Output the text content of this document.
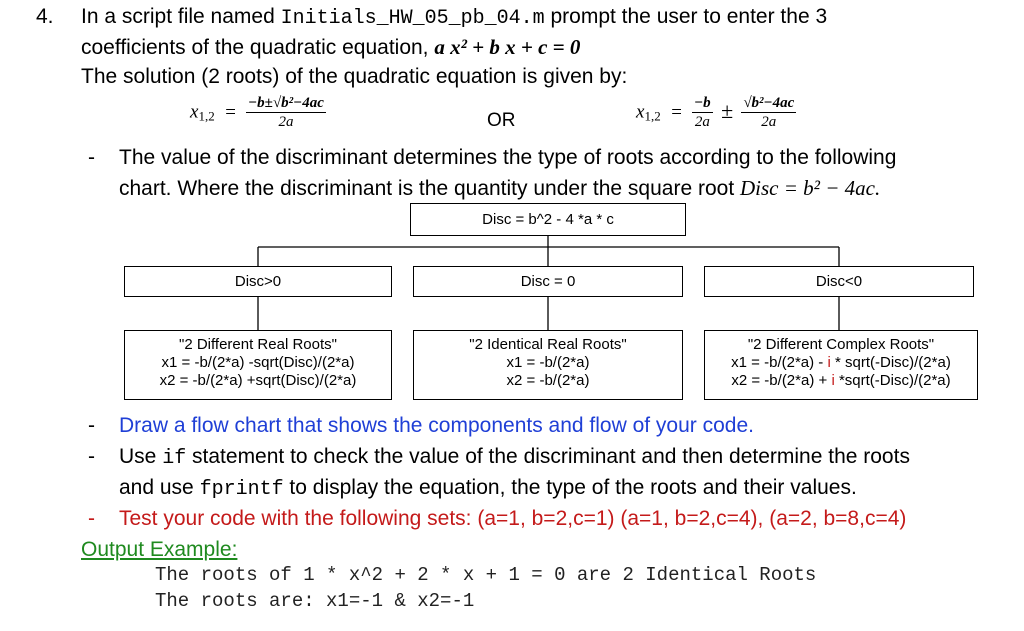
4. In a script file named Initials_HW_05_pb_04.m prompt the user to enter the 3
coefficients of the quadratic equation, a x² + b x + c = 0
The solution (2 roots) of the quadratic equation is given by:
$x_{1,2} = \frac{\text{−b±√b²−4ac}}{2a}$	OR	$x_{1,2} = \frac{-b}{2a} \pm \frac{\text{√b²−4ac}}{2a}$
- The value of the discriminant determines the type of roots according to the following
chart. Where the discriminant is the quantity under the square root Disc = b² − 4ac.
Disc = b^2 - 4 *a * c
Disc>0	Disc = 0	Disc<0
"2 Different Real Roots"
x1 = -b/(2*a) -sqrt(Disc)/(2*a)
x2 = -b/(2*a) +sqrt(Disc)/(2*a)
"2 Identical Real Roots"
x1 = -b/(2*a)
x2 = -b/(2*a)
"2 Different Complex Roots"
x1 = -b/(2*a) - i * sqrt(-Disc)/(2*a)
x2 = -b/(2*a) + i *sqrt(-Disc)/(2*a)
- Draw a flow chart that shows the components and flow of your code.
- Use if statement to check the value of the discriminant and then determine the roots
and use fprintf to display the equation, the type of the roots and their values.
- Test your code with the following sets: (a=1, b=2,c=1) (a=1, b=2,c=4), (a=2, b=8,c=4)
Output Example:
The roots of 1 * x^2 + 2 * x + 1 = 0 are 2 Identical Roots
The roots are: x1=-1 & x2=-1
